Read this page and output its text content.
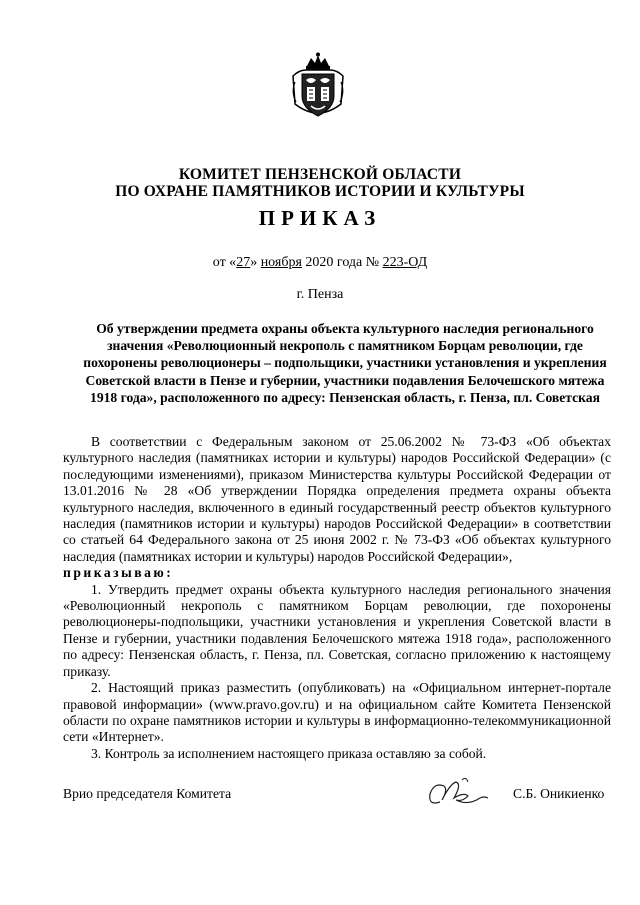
КОМИТЕТ ПЕНЗЕНСКОЙ ОБЛАСТИ
ПО ОХРАНЕ ПАМЯТНИКОВ ИСТОРИИ И КУЛЬТУРЫ
ПРИКАЗ
от «27» ноября 2020 года № 223-ОД
г. Пенза
Об утверждении предмета охраны объекта культурного наследия регионального значения «Революционный некрополь с памятником Борцам революции, где похоронены революционеры – подпольщики, участники установления и укрепления Советской власти в Пензе и губернии, участники подавления Белочешского мятежа 1918 года», расположенного по адресу: Пензенская область, г. Пенза, пл. Советская

В соответствии с Федеральным законом от 25.06.2002 № 73-ФЗ «Об объектах культурного наследия (памятниках истории и культуры) народов Российской Федерации» (с последующими изменениями), приказом Министерства культуры Российской Федерации от 13.01.2016 № 28 «Об утверждении Порядка определения предмета охраны объекта культурного наследия, включенного в единый государственный реестр объектов культурного наследия (памятников истории и культуры) народов Российской Федерации» в соответствии со статьей 64 Федерального закона от 25 июня 2002 г. № 73-ФЗ «Об объектах культурного наследия (памятниках истории и культуры) народов Российской Федерации»,
приказываю:

1. Утвердить предмет охраны объекта культурного наследия регионального значения «Революционный некрополь с памятником Борцам революции, где похоронены революционеры-подпольщики, участники установления и укрепления Советской власти в Пензе и губернии, участники подавления Белочешского мятежа 1918 года», расположенного по адресу: Пензенская область, г. Пенза, пл. Советская, согласно приложению к настоящему приказу.

2. Настоящий приказ разместить (опубликовать) на «Официальном интернет-портале правовой информации» (www.pravo.gov.ru) и на официальном сайте Комитета Пензенской области по охране памятников истории и культуры в информационно-телекоммуникационной сети «Интернет».

3. Контроль за исполнением настоящего приказа оставляю за собой.

Врио председателя Комитета	С.Б. Оникиенко
